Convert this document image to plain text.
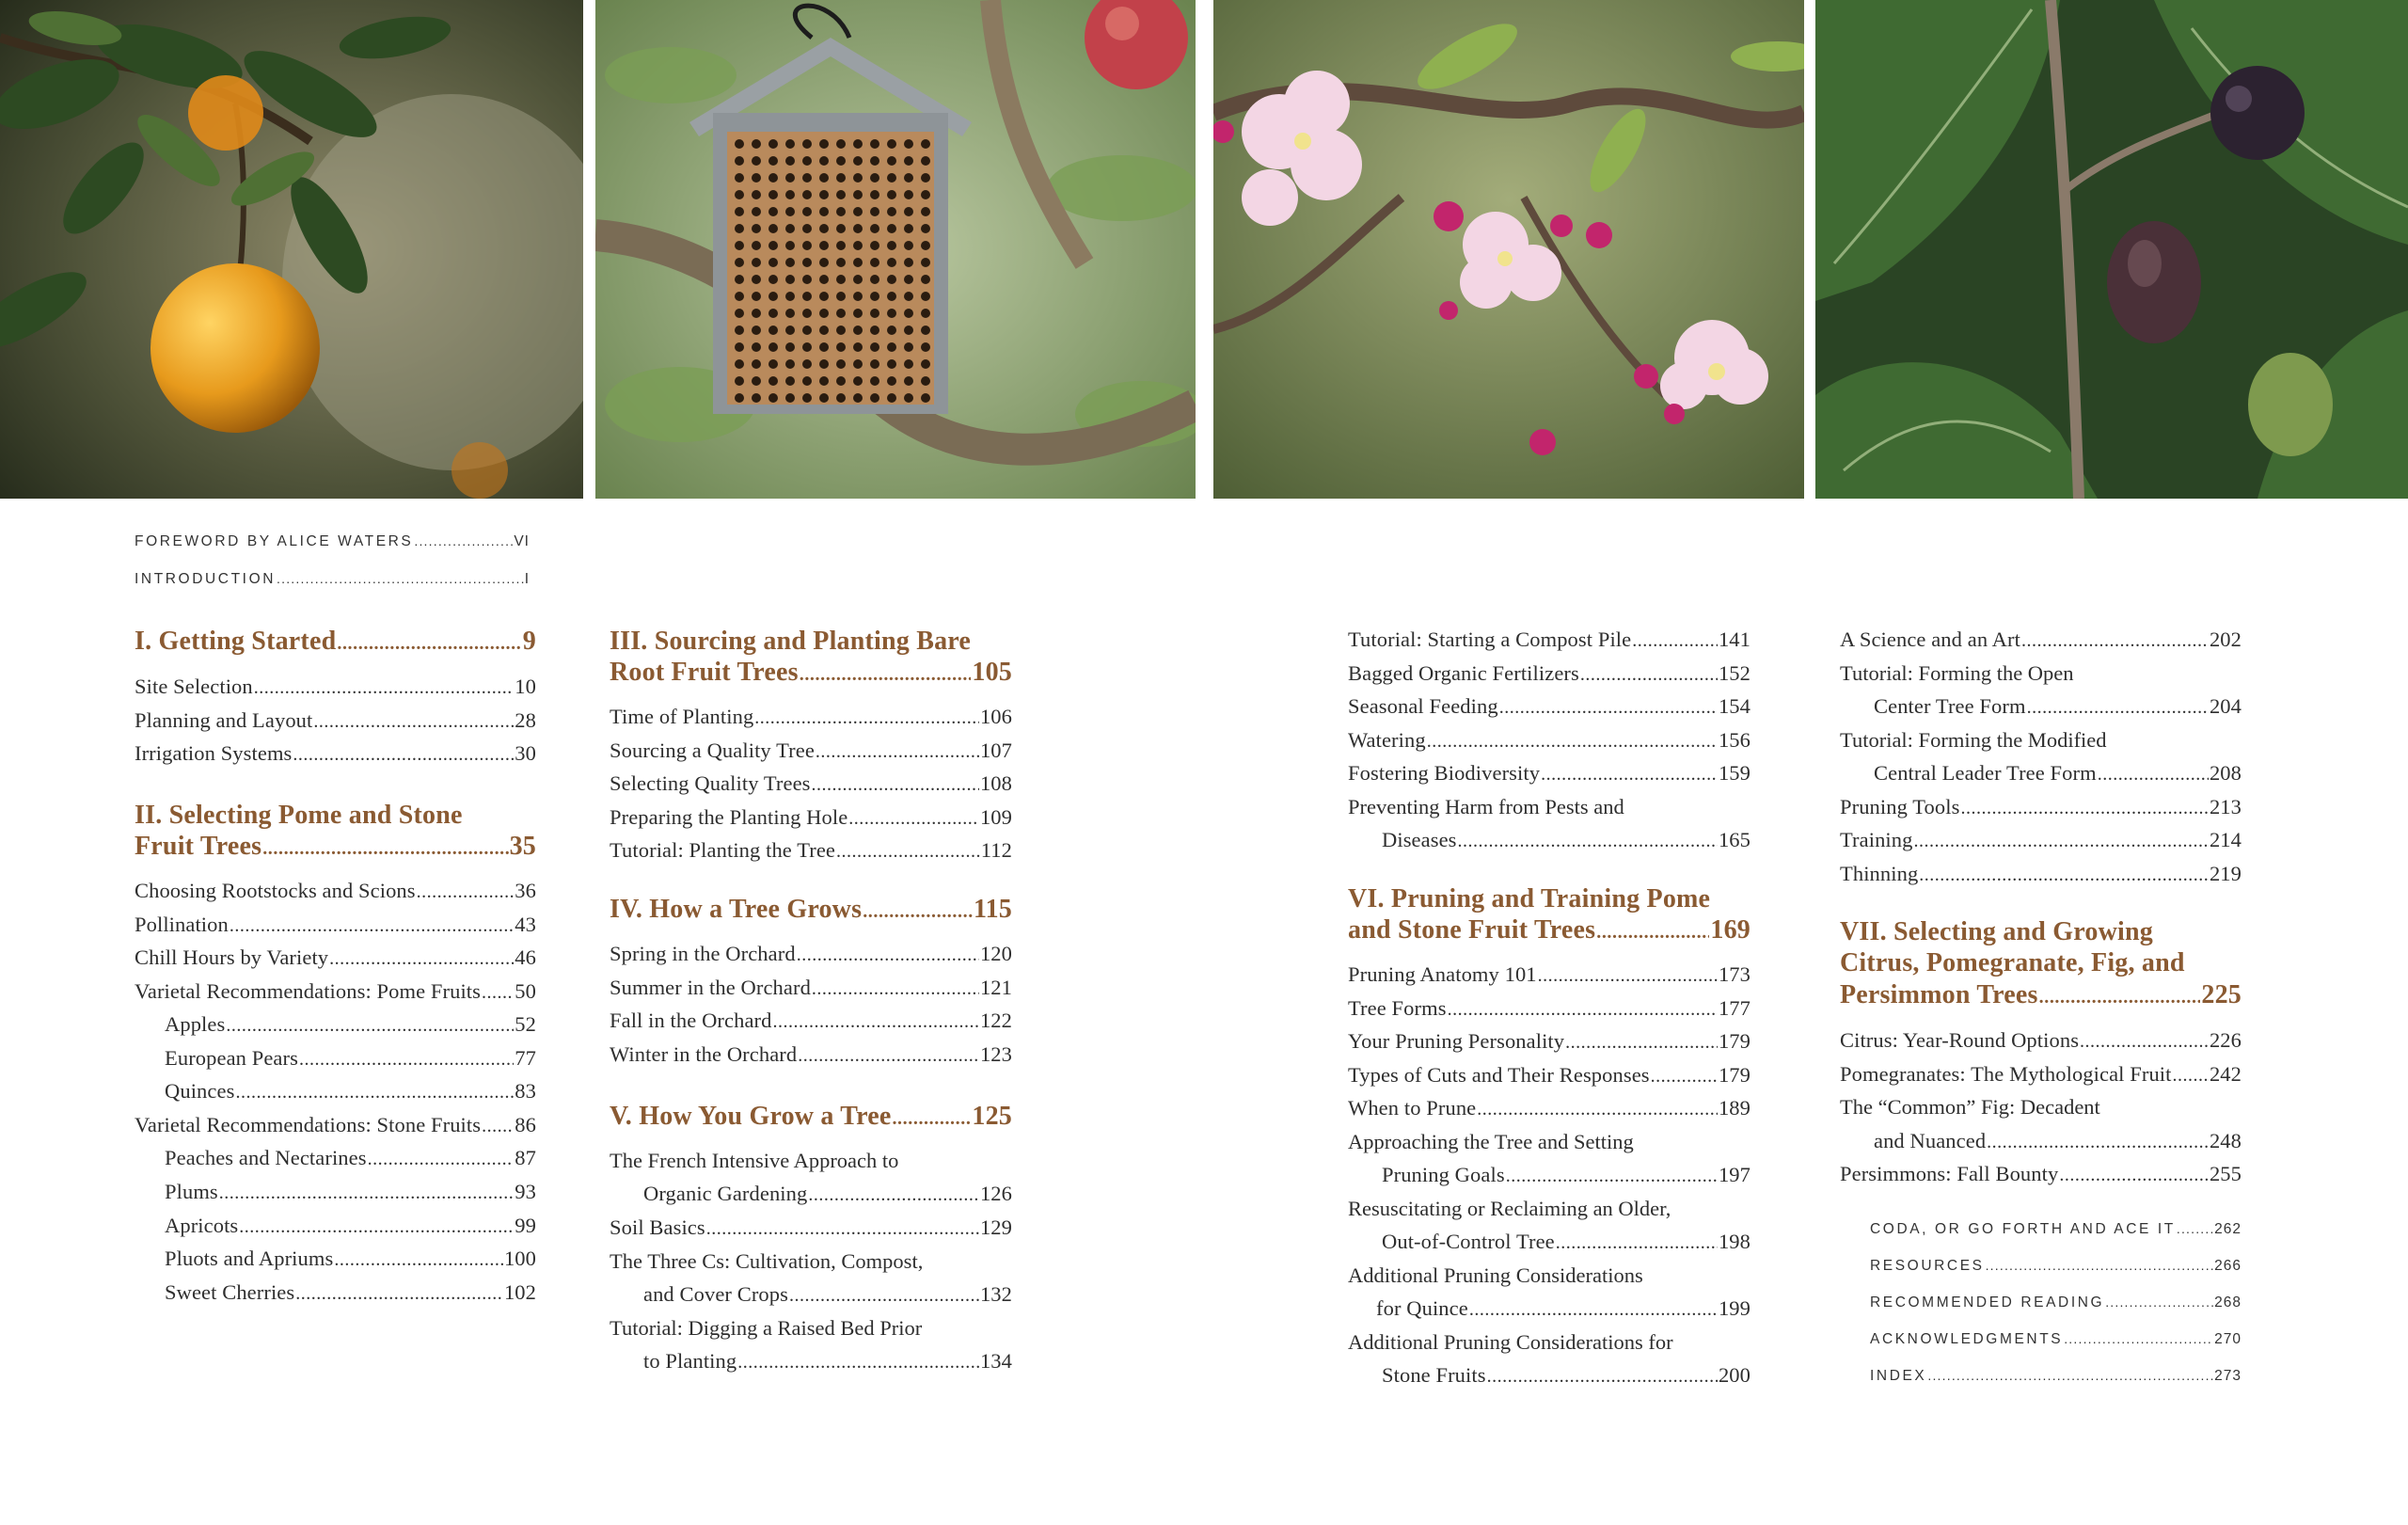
FOREWORD BY ALICE WATERS .....	VI
INTRODUCTION .....	I
I. Getting Started .....	9
Site Selection .....	10
Planning and Layout .....	28
Irrigation Systems .....	30
II. Selecting Pome and Stone
Fruit Trees .....	35
Choosing Rootstocks and Scions .....	36
Pollination .....	43
Chill Hours by Variety .....	46
Varietal Recommendations: Pome Fruits ..... 50
Apples .....	52
European Pears .....	77
Quinces .....	83
Varietal Recommendations: Stone Fruits ..... 86
Peaches and Nectarines .....	87
Plums .....	93
Apricots .....	99
Pluots and Apriums .....	100
Sweet Cherries .....	102
III. Sourcing and Planting Bare
Root Fruit Trees .....	105
Time of Planting .....	106
Sourcing a Quality Tree .....	107
Selecting Quality Trees .....	108
Preparing the Planting Hole .....	109
Tutorial: Planting the Tree .....	112
IV. How a Tree Grows .....	115
Spring in the Orchard .....	120
Summer in the Orchard .....	121
Fall in the Orchard .....	122
Winter in the Orchard .....	123
V. How You Grow a Tree .....	125
The French Intensive Approach to
Organic Gardening .....	126
Soil Basics .....	129
The Three Cs: Cultivation, Compost,
and Cover Crops .....	132
Tutorial: Digging a Raised Bed Prior
to Planting .....	134
Tutorial: Starting a Compost Pile .....	141
Bagged Organic Fertilizers .....	152
Seasonal Feeding .....	154
Watering .....	156
Fostering Biodiversity .....	159
Preventing Harm from Pests and
Diseases .....	165
VI. Pruning and Training Pome
and Stone Fruit Trees .....	169
Pruning Anatomy 101 .....	173
Tree Forms .....	177
Your Pruning Personality .....	179
Types of Cuts and Their Responses .....	179
When to Prune .....	189
Approaching the Tree and Setting
Pruning Goals .....	197
Resuscitating or Reclaiming an Older,
Out-of-Control Tree .....	198
Additional Pruning Considerations
for Quince .....	199
Additional Pruning Considerations for
Stone Fruits .....	200
A Science and an Art .....	202
Tutorial: Forming the Open
Center Tree Form .....	204
Tutorial: Forming the Modified
Central Leader Tree Form .....	208
Pruning Tools .....	213
Training .....	214
Thinning .....	219
VII. Selecting and Growing
Citrus, Pomegranate, Fig, and
Persimmon Trees .....	225
Citrus: Year-Round Options .....	226
Pomegranates: The Mythological Fruit ..... 242
The “Common” Fig: Decadent
and Nuanced .....	248
Persimmons: Fall Bounty .....	255
CODA, OR GO FORTH AND ACE IT .....	262
RESOURCES .....	266
RECOMMENDED READING .....	268
ACKNOWLEDGMENTS .....	270
INDEX .....	273
